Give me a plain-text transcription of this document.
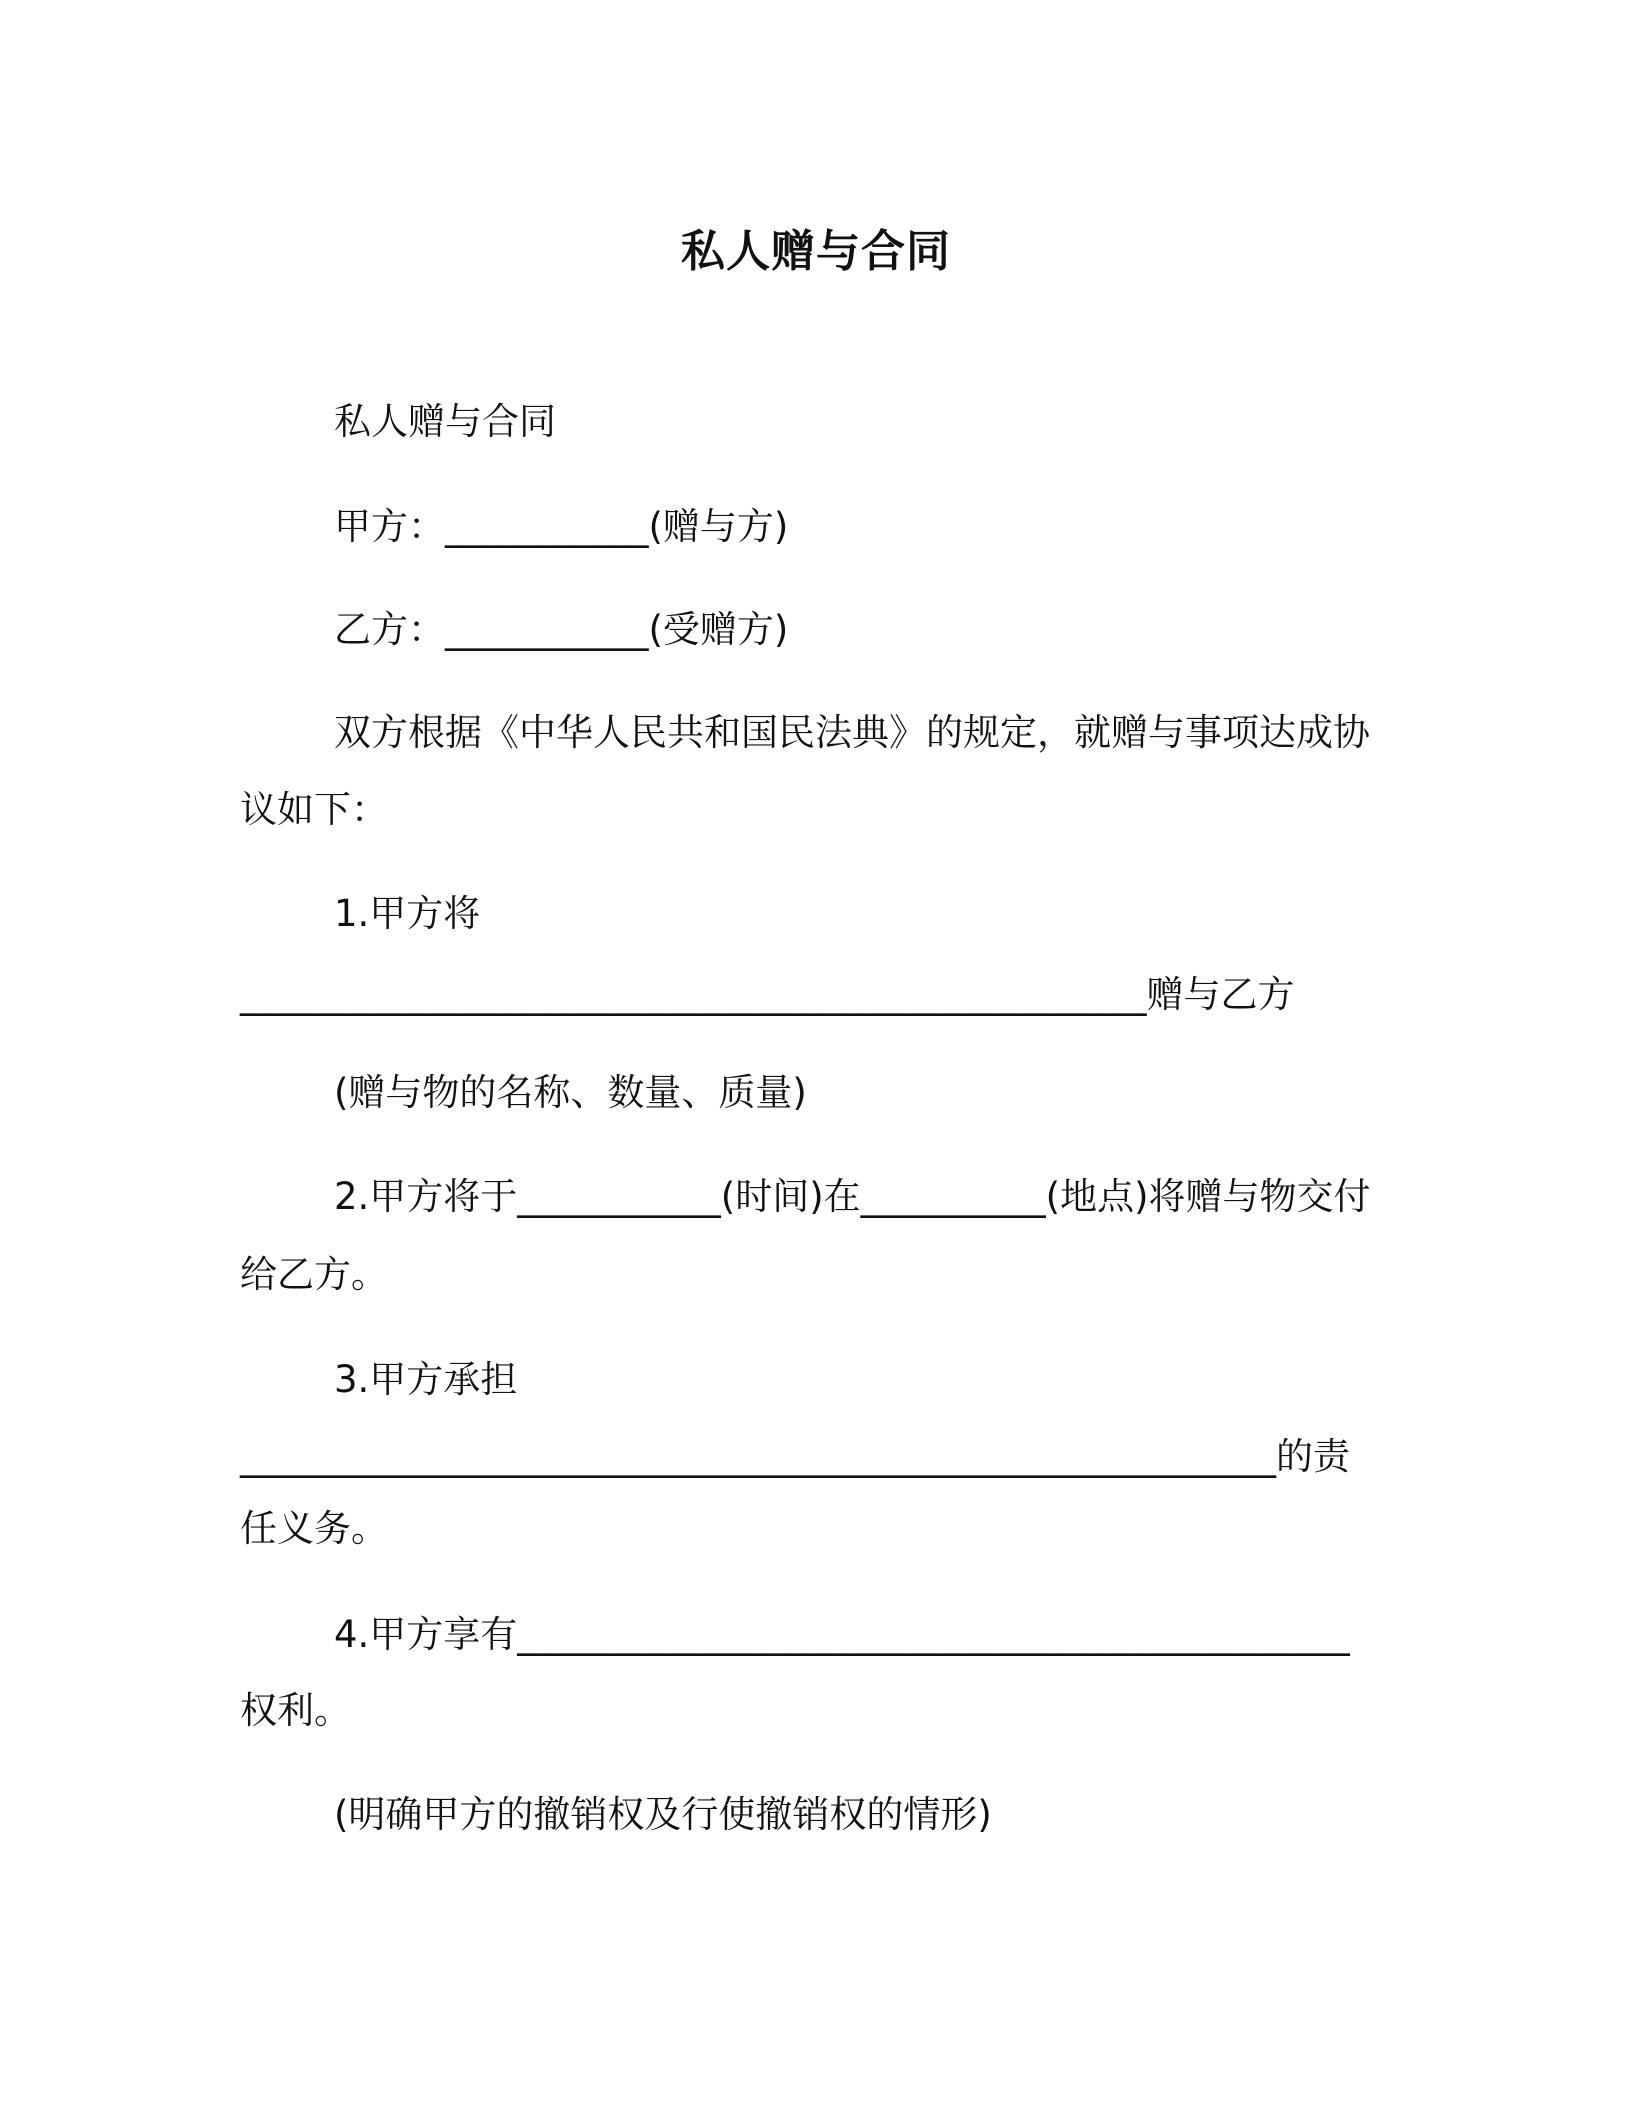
私人赠与合同
私人赠与合同
甲方：___________(赠与方)
乙方：___________(受赠方)
双方根据《中华人民共和国民法典》的规定，就赠与事项达成协
议如下：
1.甲方将
_________________________________________________赠与乙方
(赠与物的名称、数量、质量)
2.甲方将于___________(时间)在__________(地点)将赠与物交付
给乙方。
3.甲方承担
________________________________________________________的责
任义务。
4.甲方享有_____________________________________________
权利。
(明确甲方的撤销权及行使撤销权的情形)
